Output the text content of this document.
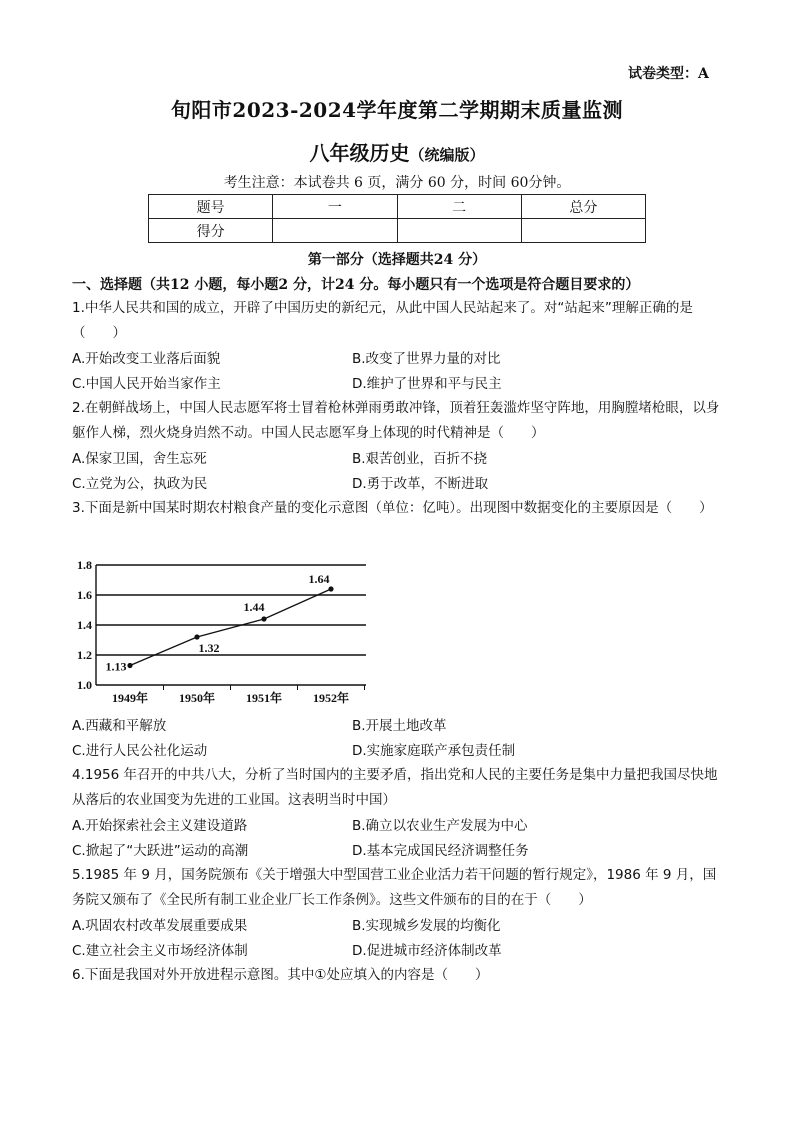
试卷类型：A
旬阳市2023-2024学年度第二学期期末质量监测
八年级历史（统编版）
考生注意：本试卷共 6 页，满分 60 分，时间 60分钟。
题号	一	二	总分
得分			
第一部分（选择题共24 分）
一、选择题（共12 小题，每小题2 分，计24 分。每小题只有一个选项是符合题目要求的）
1.中华人民共和国的成立，开辟了中国历史的新纪元，从此中国人民站起来了。对“站起来”理解正确的是（　　）
A.开始改变工业落后面貌	B.改变了世界力量的对比
C.中国人民开始当家作主	D.维护了世界和平与民主
2.在朝鲜战场上，中国人民志愿军将士冒着枪林弹雨勇敢冲锋，顶着狂轰滥炸坚守阵地，用胸膛堵枪眼，以身躯作人梯，烈火烧身岿然不动。中国人民志愿军身上体现的时代精神是（　　）
A.保家卫国，舍生忘死	B.艰苦创业，百折不挠
C.立党为公，执政为民	D.勇于改革，不断进取
3.下面是新中国某时期农村粮食产量的变化示意图（单位：亿吨）。出现图中数据变化的主要原因是（　　）
1.0
1.2
1.4
1.6
1.8
1949年	1950年	1951年	1952年
1.13
1.32
1.44
1.64
A.西藏和平解放	B.开展土地改革
C.进行人民公社化运动	D.实施家庭联产承包责任制
4.1956 年召开的中共八大，分析了当时国内的主要矛盾，指出党和人民的主要任务是集中力量把我国尽快地从落后的农业国变为先进的工业国。这表明当时中国）
A.开始探索社会主义建设道路	B.确立以农业生产发展为中心
C.掀起了“大跃进”运动的高潮	D.基本完成国民经济调整任务
5.1985 年 9 月，国务院颁布《关于增强大中型国营工业企业活力若干问题的暂行规定》，1986 年 9 月，国务院又颁布了《全民所有制工业企业厂长工作条例》。这些文件颁布的目的在于（　　）
A.巩固农村改革发展重要成果	B.实现城乡发展的均衡化
C.建立社会主义市场经济体制	D.促进城市经济体制改革
6.下面是我国对外开放进程示意图。其中①处应填入的内容是（　　）
